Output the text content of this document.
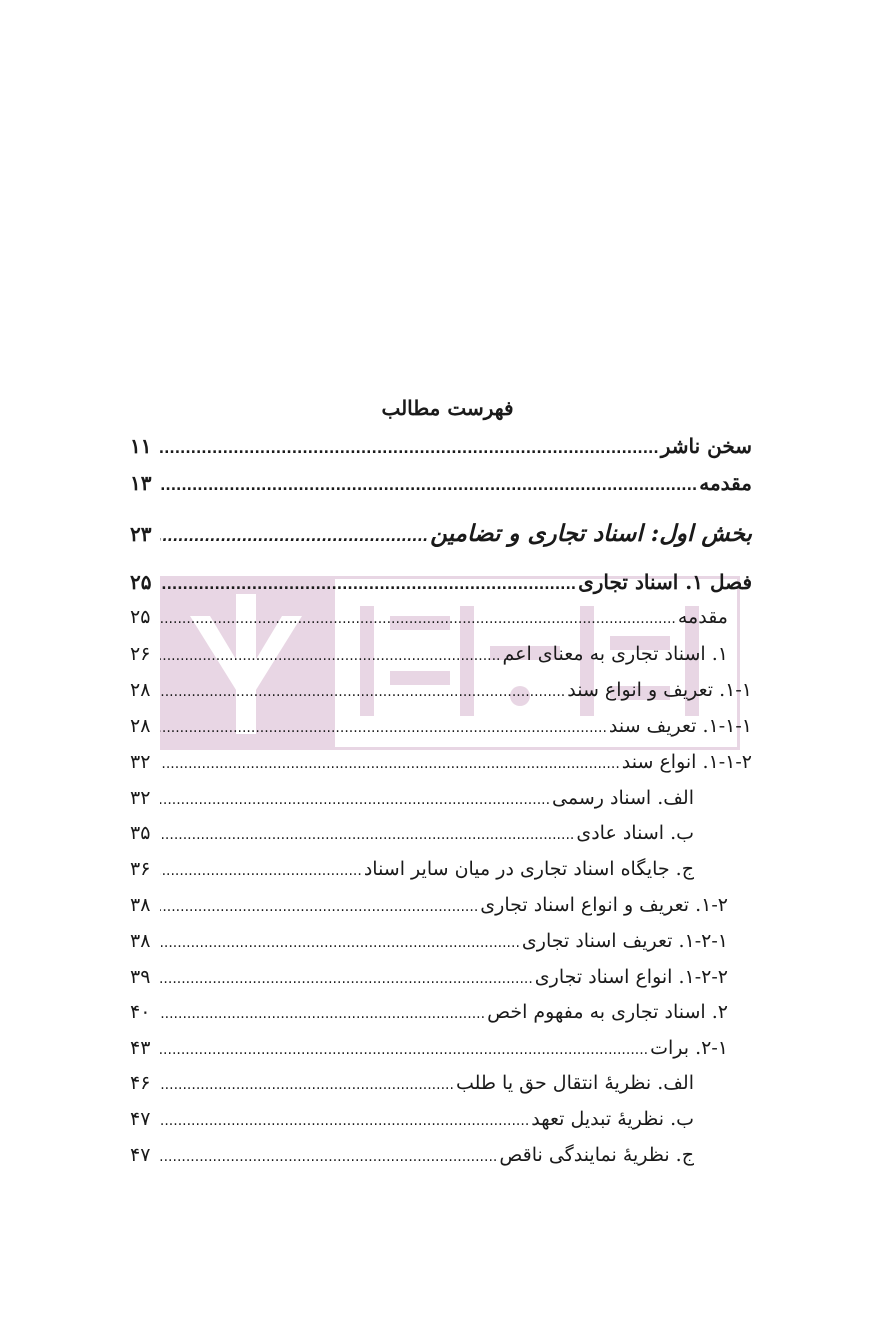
فهرست مطالب
سخن ناشر
.....
۱۱
مقدمه
.....
۱۳
بخش اول: اسناد تجاری و تضامین
.....
۲۳
فصل ۱. اسناد تجاری
.....
۲۵
مقدمه
.....
۲۵
۱. اسناد تجاری به معنای اعم
.....
۲۶
۱-۱. تعریف و انواع سند
.....
۲۸
۱-۱-۱. تعریف سند
.....
۲۸
۱-۱-۲. انواع سند
.....
۳۲
الف. اسناد رسمی
.....
۳۲
ب. اسناد عادی
.....
۳۵
ج. جایگاه اسناد تجاری در میان سایر اسناد
.....
۳۶
۱-۲. تعریف و انواع اسناد تجاری
.....
۳۸
۱-۲-۱. تعریف اسناد تجاری
.....
۳۸
۱-۲-۲. انواع اسناد تجاری
.....
۳۹
۲. اسناد تجاری به مفهوم اخص
.....
۴۰
۲-۱. برات
.....
۴۳
الف. نظریهٔ انتقال حق یا طلب
.....
۴۶
ب. نظریهٔ تبدیل تعهد
.....
۴۷
ج. نظریهٔ نمایندگی ناقص
.....
۴۷
